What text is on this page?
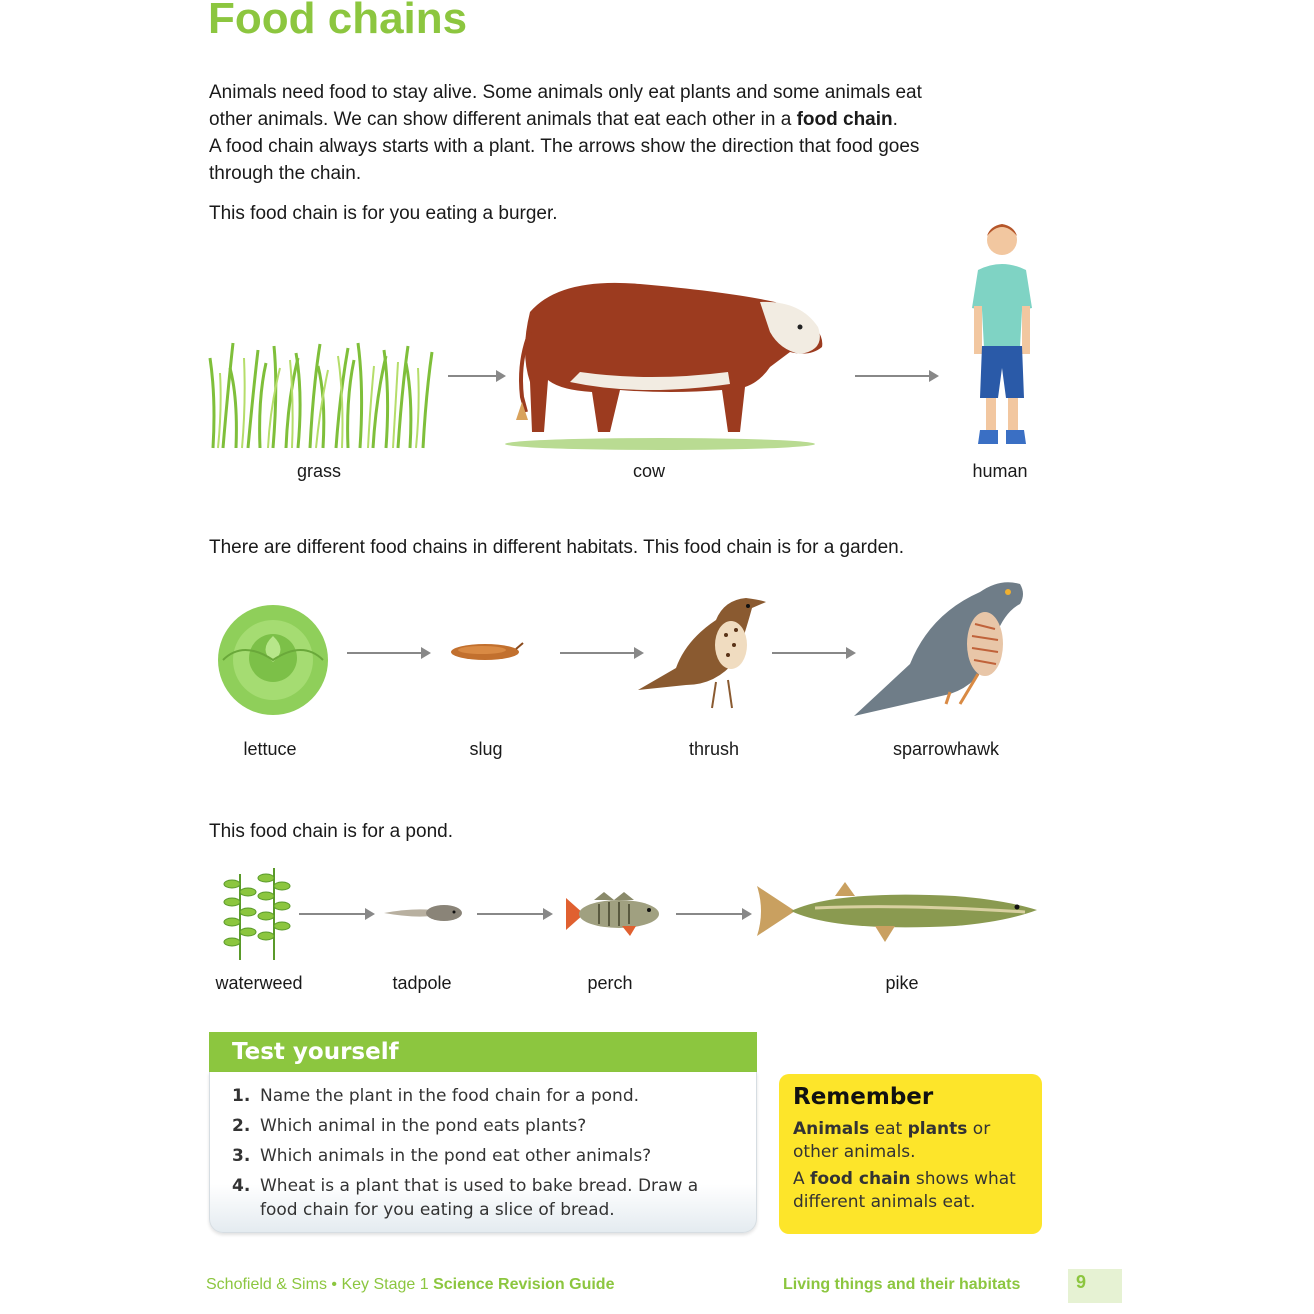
Food chains

Animals need food to stay alive. Some animals only eat plants and some animals eat

other animals. We can show different animals that eat each other in a food chain.

A food chain always starts with a plant. The arrows show the direction that food goes

through the chain.

This food chain is for you eating a burger.

grass	cow	human

There are different food chains in different habitats. This food chain is for a garden.

lettuce	slug	thrush	sparrowhawk

This food chain is for a pond.

waterweed	tadpole	perch	pike
Test yourself
1. Name the plant in the food chain for a pond.
2. Which animal in the pond eats plants?
3. Which animals in the pond eat other animals?
4. Wheat is a plant that is used to bake bread. Draw a food chain for you eating a slice of bread.

Remember

Animals eat plants or other animals.

A food chain shows what different animals eat.

Schofield & Sims • Key Stage 1 Science Revision Guide	Living things and their habitats	9
